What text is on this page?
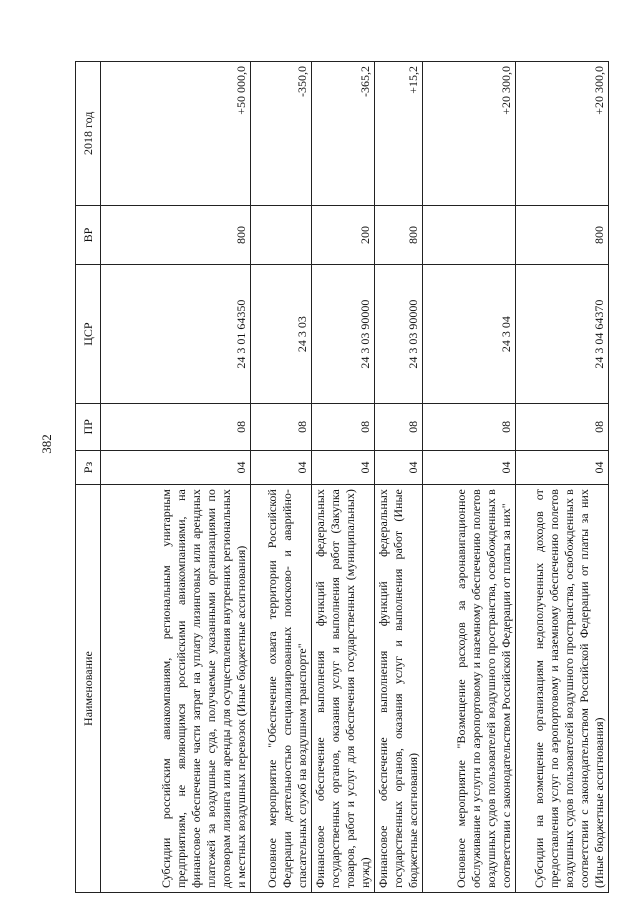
382
Наименование	Рз	ПР	ЦСР	ВР	2018 год
Субсидии российским авиакомпаниям, региональным унитарным предприятиям, не являющимся российскими авиакомпаниями, на финансовое обеспечение части затрат на уплату лизинговых или арендных платежей за воздушные суда, получаемые указанными организациями по договорам лизинга или аренды для осуществления внутренних региональных и местных воздушных перевозок (Иные бюджетные ассигнования)	04	08	24 3 01 64350	800	+50 000,0
Основное мероприятие "Обеспечение охвата территории Российской Федерации деятельностью специализированных поисково- и аварийно-спасательных служб на воздушном транспорте"	04	08	24 3 03		-350,0
Финансовое обеспечение выполнения функций федеральных государственных органов, оказания услуг и выполнения работ (Закупка товаров, работ и услуг для обеспечения государственных (муниципальных) нужд)	04	08	24 3 03 90000	200	-365,2
Финансовое обеспечение выполнения функций федеральных государственных органов, оказания услуг и выполнения работ (Иные бюджетные ассигнования)	04	08	24 3 03 90000	800	+15,2
Основное мероприятие "Возмещение расходов за аэронавигационное обслуживание и услуги по аэропортовому и наземному обеспечению полетов воздушных судов пользователей воздушного пространства, освобожденных в соответствии с законодательством Российской Федерации от платы за них"	04	08	24 3 04		+20 300,0
Субсидии на возмещение организациям недополученных доходов от предоставления услуг по аэропортовому и наземному обеспечению полетов воздушных судов пользователей воздушного пространства, освобожденных в соответствии с законодательством Российской Федерации от платы за них (Иные бюджетные ассигнования)	04	08	24 3 04 64370	800	+20 300,0
